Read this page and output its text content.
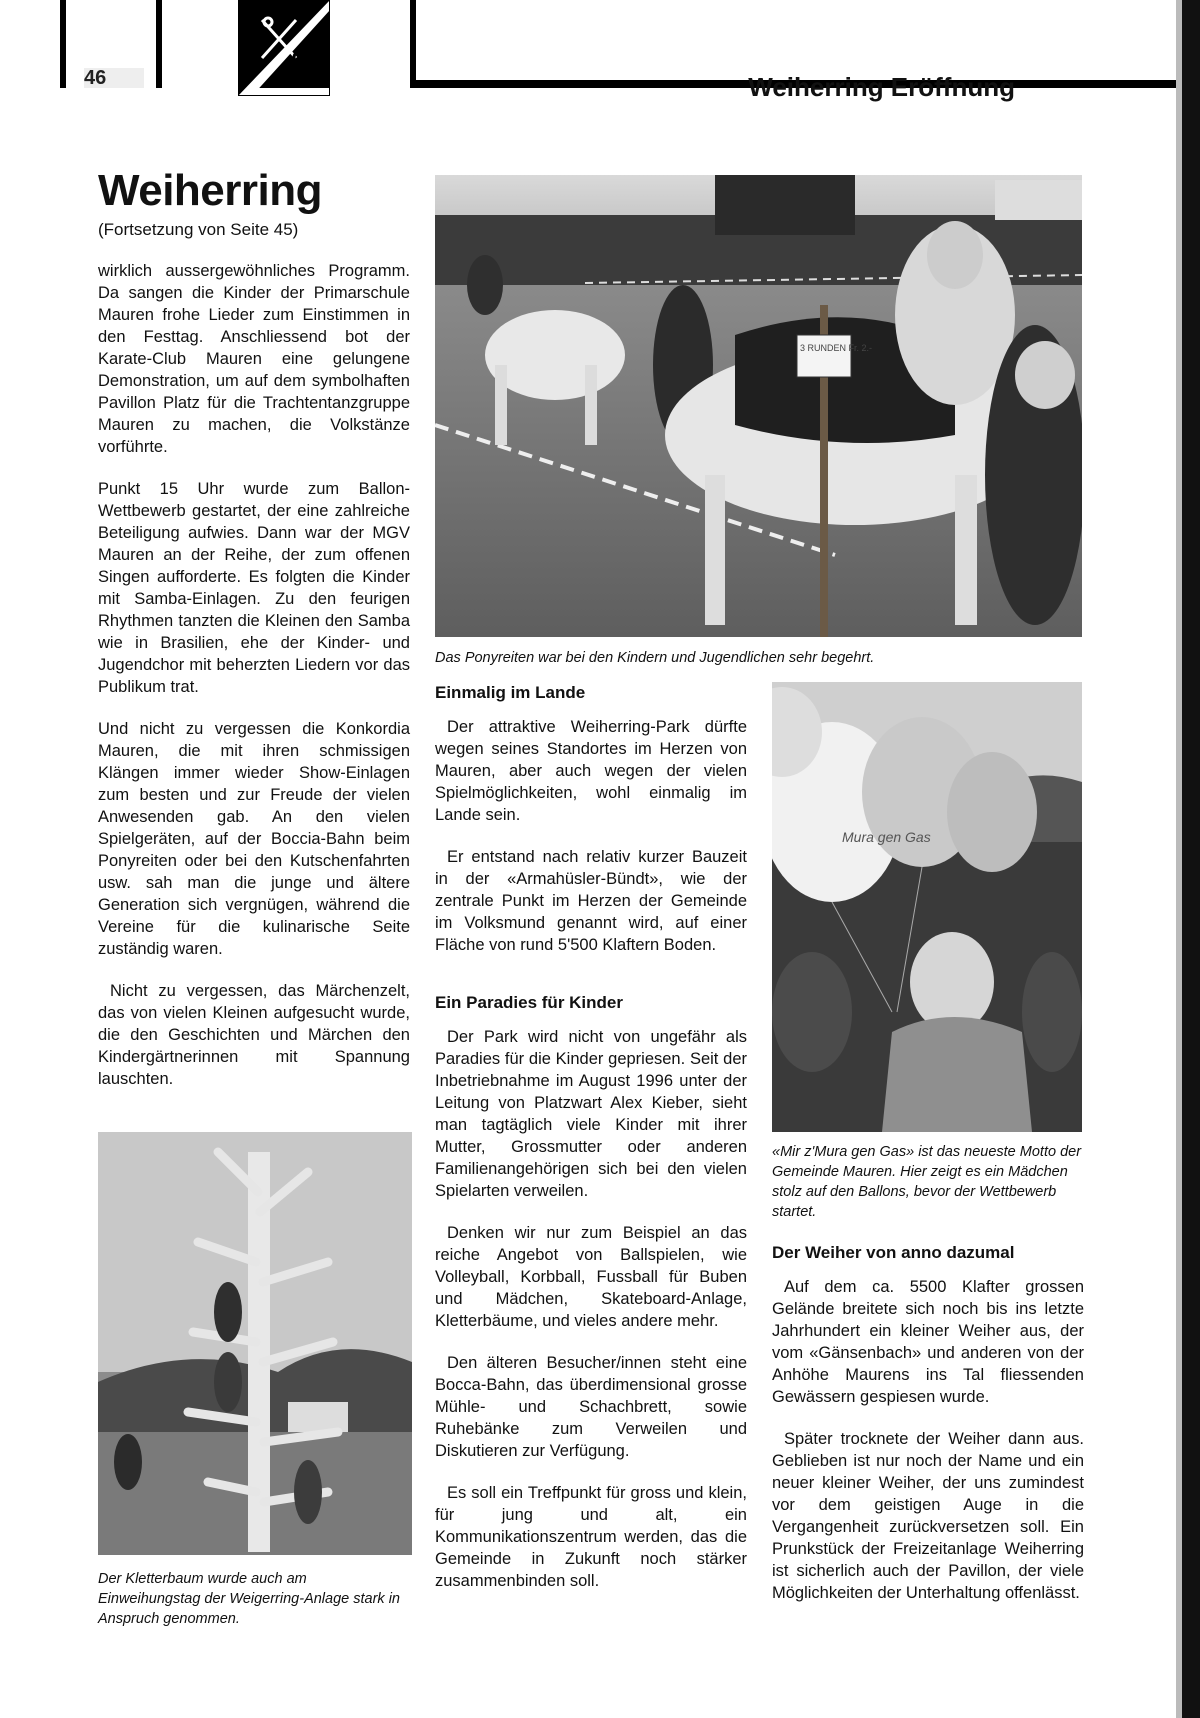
46	Weiherring Eröffnung
Weiherring
(Fortsetzung von Seite 45)

wirklich aussergewöhnliches Programm. Da sangen die Kinder der Primarschule Mauren frohe Lieder zum Einstimmen in den Festtag. Anschliessend bot der Karate-Club Mauren eine gelungene Demonstration, um auf dem symbolhaften Pavillon Platz für die Trachtentanzgruppe Mauren zu machen, die Volkstänze vorführte.

Punkt 15 Uhr wurde zum Ballon-Wettbewerb gestartet, der eine zahlreiche Beteiligung aufwies. Dann war der MGV Mauren an der Reihe, der zum offenen Singen aufforderte. Es folgten die Kinder mit Samba-Einlagen. Zu den feurigen Rhythmen tanzten die Kleinen den Samba wie in Brasilien, ehe der Kinder- und Jugendchor mit beherzten Liedern vor das Publikum trat.

Und nicht zu vergessen die Konkordia Mauren, die mit ihren schmissigen Klängen immer wieder Show-Einlagen zum besten und zur Freude der vielen Anwesenden gab. An den vielen Spielgeräten, auf der Boccia-Bahn beim Ponyreiten oder bei den Kutschenfahrten usw. sah man die junge und ältere Generation sich vergnügen, während die Vereine für die kulinarische Seite zuständig waren.

Nicht zu vergessen, das Märchenzelt, das von vielen Kleinen aufgesucht wurde, die den Geschichten und Märchen den Kindergärtnerinnen mit Spannung lauschten.

3 RUNDEN Fr. 2.-
Das Ponyreiten war bei den Kindern und Jugendlichen sehr begehrt.
Einmalig im Lande

Der attraktive Weiherring-Park dürfte wegen seines Standortes im Herzen von Mauren, aber auch wegen der vielen Spielmöglichkeiten, wohl einmalig im Lande sein.

Er entstand nach relativ kurzer Bauzeit in der «Armahüsler-Bündt», wie der zentrale Punkt im Herzen der Gemeinde im Volksmund genannt wird, auf einer Fläche von rund 5'500 Klaftern Boden.

Ein Paradies für Kinder

Der Park wird nicht von ungefähr als Paradies für die Kinder gepriesen. Seit der Inbetriebnahme im August 1996 unter der Leitung von Platzwart Alex Kieber, sieht man tagtäglich viele Kinder mit ihrer Mutter, Grossmutter oder anderen Familienangehörigen sich bei den vielen Spielarten verweilen.

Denken wir nur zum Beispiel an das reiche Angebot von Ballspielen, wie Volleyball, Korbball, Fussball für Buben und Mädchen, Skateboard-Anlage, Kletterbäume, und vieles andere mehr.

Den älteren Besucher/innen steht eine Bocca-Bahn, das überdimensional grosse Mühle- und Schachbrett, sowie Ruhebänke zum Verweilen und Diskutieren zur Verfügung.

Es soll ein Treffpunkt für gross und klein, für jung und alt, ein Kommunikationszentrum werden, das die Gemeinde in Zukunft noch stärker zusammenbinden soll.

Mura gen Gas
«Mir z'Mura gen Gas» ist das neueste Motto der Gemeinde Mauren. Hier zeigt es ein Mädchen stolz auf den Ballons, bevor der Wettbewerb startet.
Der Weiher von anno dazumal

Auf dem ca. 5500 Klafter grossen Gelände breitete sich noch bis ins letzte Jahrhundert ein kleiner Weiher aus, der vom «Gänsenbach» und anderen von der Anhöhe Maurens ins Tal fliessenden Gewässern gespiesen wurde.

Später trocknete der Weiher dann aus. Geblieben ist nur noch der Name und ein neuer kleiner Weiher, der uns zumindest vor dem geistigen Auge in die Vergangenheit zurückversetzen soll. Ein Prunkstück der Freizeitanlage Weiherring ist sicherlich auch der Pavillon, der viele Möglichkeiten der Unterhaltung offenlässt.

Der Kletterbaum wurde auch am Einweihungstag der Weigerring-Anlage stark in Anspruch genommen.
